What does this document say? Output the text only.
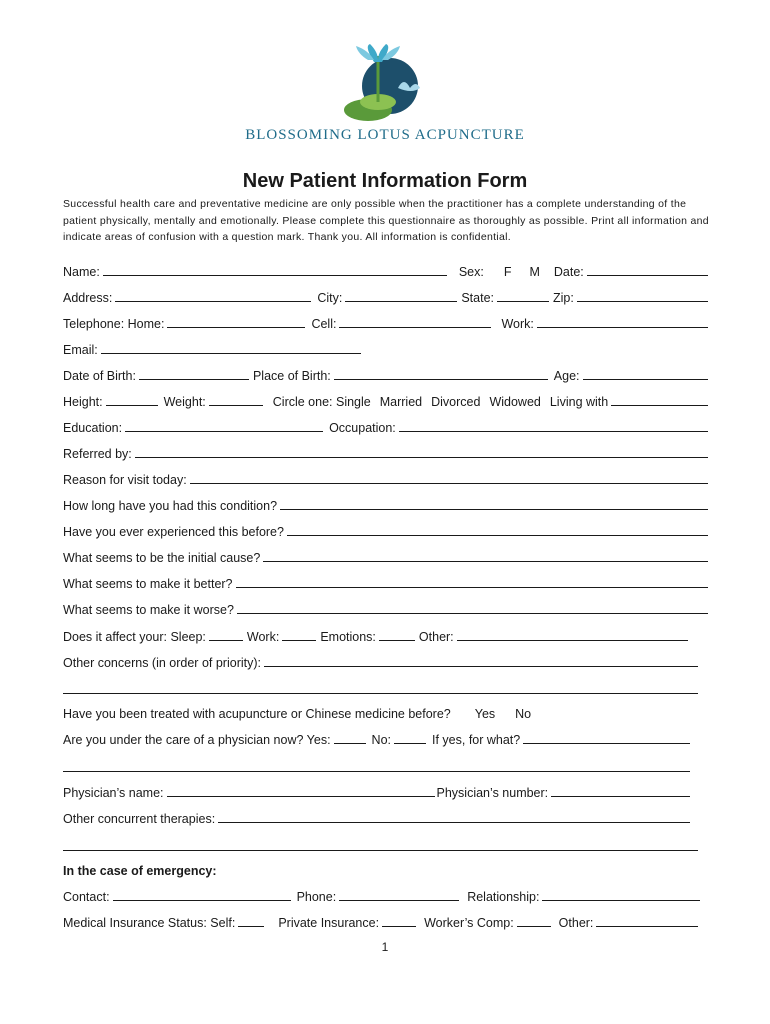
BLOSSOMING LOTUS ACPUNCTURE
New Patient Information Form

Successful health care and preventative medicine are only possible when the practitioner has a complete understanding of the patient physically, mentally and emotionally. Please complete this questionnaire as thoroughly as possible. Print all information and indicate areas of confusion with a question mark. Thank you. All information is confidential.

Name:	Sex: F M Date:
Address:	City:	State:	Zip:
Telephone: Home:	Cell:	Work:
Email:
Date of Birth:	Place of Birth:	Age:
Height:	Weight:	Circle one: Single Married Divorced Widowed Living with
Education:	Occupation:
Referred by:
Reason for visit today:
How long have you had this condition?
Have you ever experienced this before?
What seems to be the initial cause?
What seems to make it better?
What seems to make it worse?
Does it affect your: Sleep:	Work:	Emotions:	Other:
Other concerns (in order of priority):
Have you been treated with acupuncture or Chinese medicine before? Yes No
Are you under the care of a physician now? Yes:	No:	If yes, for what?
Physician’s name:	Physician’s number:
Other concurrent therapies:
In the case of emergency:
Contact:	Phone:	Relationship:
Medical Insurance Status: Self:	Private Insurance:	Worker’s Comp:	Other:
1
